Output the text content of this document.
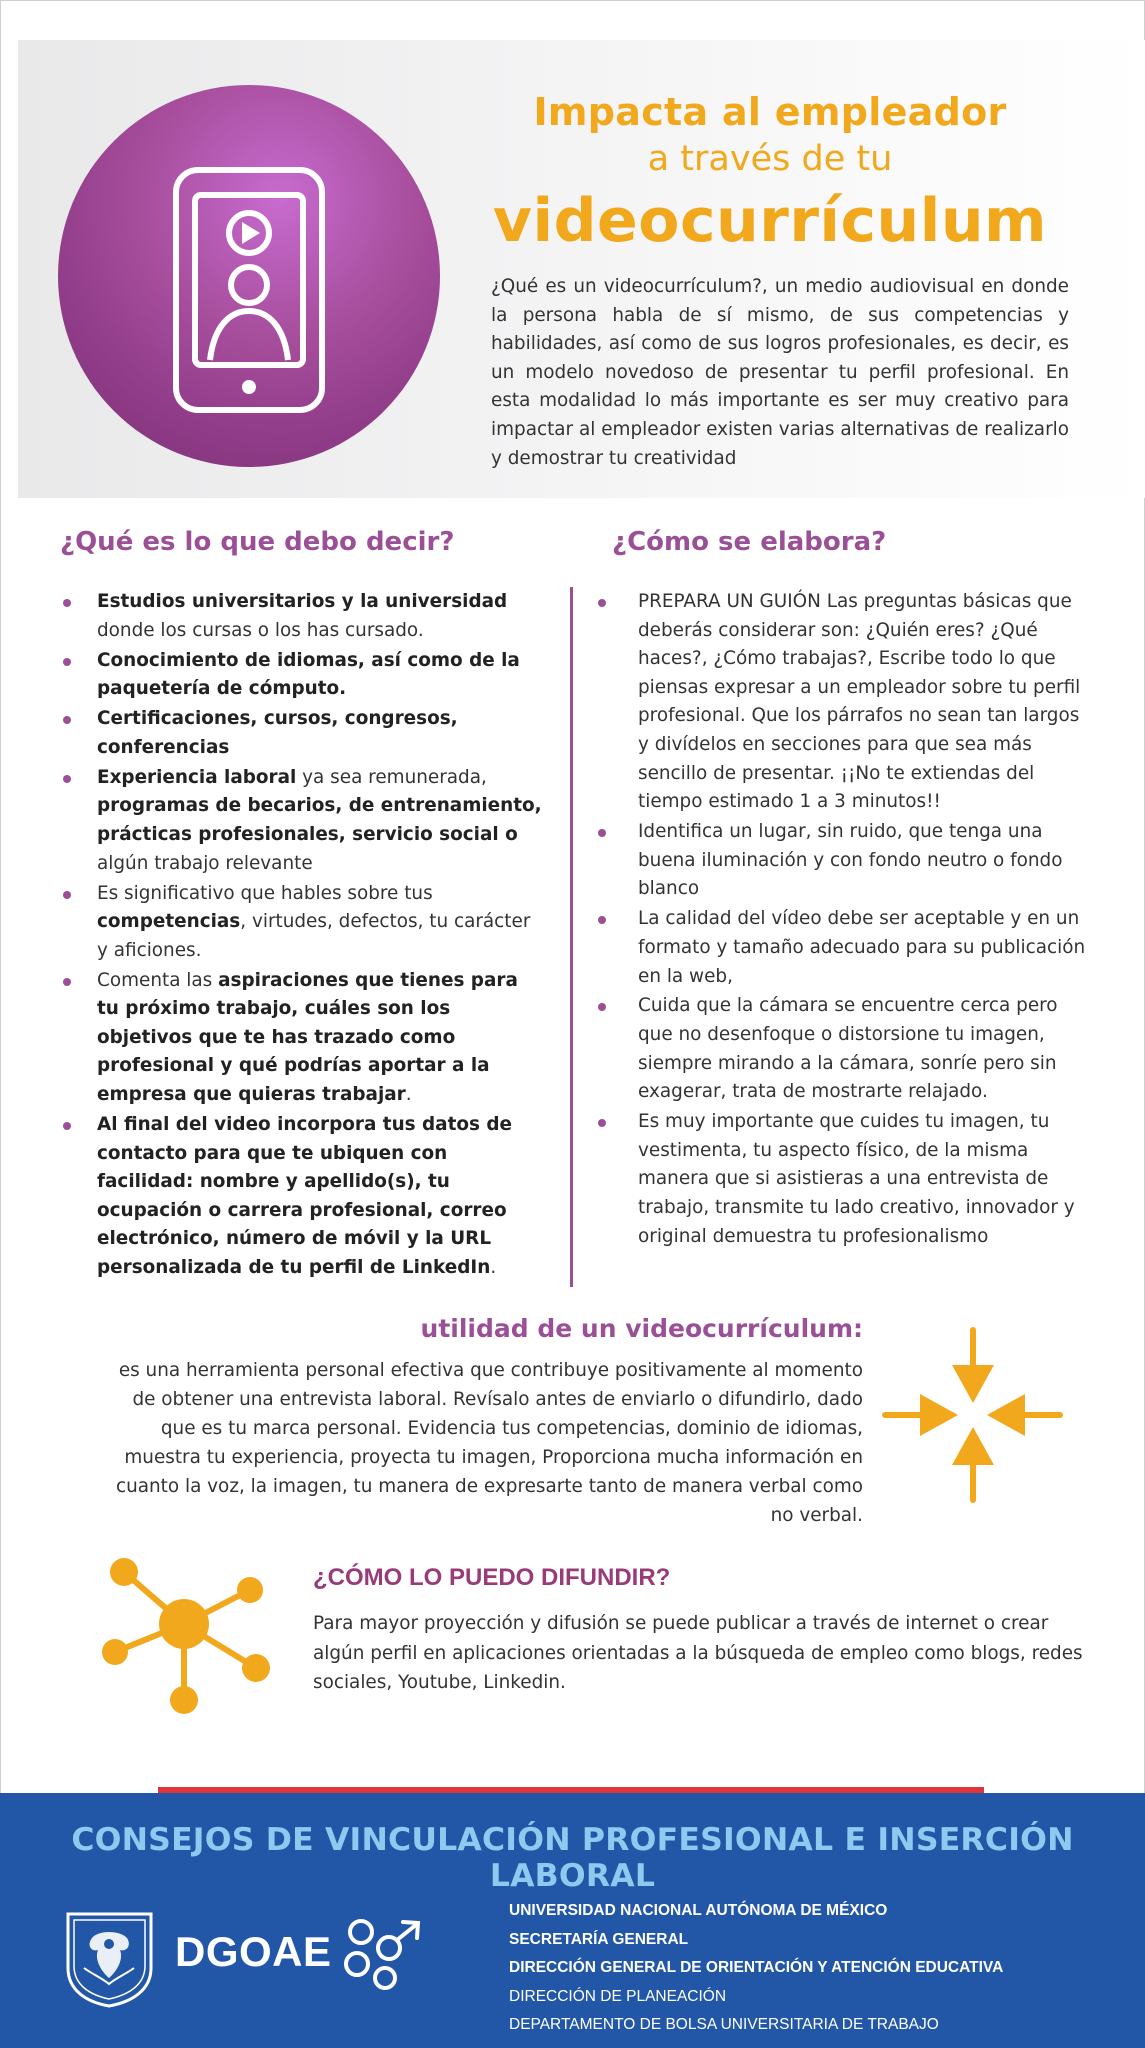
Impacta al empleador
a través de tu
videocurrículum
¿Qué es un videocurrículum?, un medio audiovisual en donde la persona habla de sí mismo, de sus competencias y habilidades, así como de sus logros profesionales, es decir, es un modelo novedoso de presentar tu perfil profesional. En esta modalidad lo más importante es ser muy creativo para impactar al empleador existen varias alternativas de realizarlo y demostrar tu creatividad
¿Qué es lo que debo decir?
Estudios universitarios y la universidad donde los cursas o los has cursado.
Conocimiento de idiomas, así como de la paquetería de cómputo.
Certificaciones, cursos, congresos, conferencias
Experiencia laboral ya sea remunerada, programas de becarios, de entrenamiento, prácticas profesionales, servicio social o algún trabajo relevante
Es significativo que hables sobre tus competencias, virtudes, defectos, tu carácter y aficiones.
Comenta las aspiraciones que tienes para tu próximo trabajo, cuáles son los objetivos que te has trazado como profesional y qué podrías aportar a la empresa que quieras trabajar.
Al final del video incorpora tus datos de contacto para que te ubiquen con facilidad: nombre y apellido(s), tu ocupación o carrera profesional, correo electrónico, número de móvil y la URL personalizada de tu perfil de LinkedIn.
¿Cómo se elabora?
PREPARA UN GUIÓN Las preguntas básicas que deberás considerar son: ¿Quién eres? ¿Qué haces?, ¿Cómo trabajas?, Escribe todo lo que piensas expresar a un empleador sobre tu perfil profesional. Que los párrafos no sean tan largos y divídelos en secciones para que sea más sencillo de presentar. ¡¡No te extiendas del tiempo estimado 1 a 3 minutos!!
Identifica un lugar, sin ruido, que tenga una buena iluminación y con fondo neutro o fondo blanco
La calidad del vídeo debe ser aceptable y en un formato y tamaño adecuado para su publicación en la web,
Cuida que la cámara se encuentre cerca pero que no desenfoque o distorsione tu imagen, siempre mirando a la cámara, sonríe pero sin exagerar, trata de mostrarte relajado.
Es muy importante que cuides tu imagen, tu vestimenta, tu aspecto físico, de la misma manera que si asistieras a una entrevista de trabajo, transmite tu lado creativo, innovador y original demuestra tu profesionalismo
utilidad de un videocurrículum:
es una herramienta personal efectiva que contribuye positivamente al momento de obtener una entrevista laboral. Revísalo antes de enviarlo o difundirlo, dado que es tu marca personal. Evidencia tus competencias, dominio de idiomas, muestra tu experiencia, proyecta tu imagen, Proporciona mucha información en cuanto la voz, la imagen, tu manera de expresarte tanto de manera verbal como no verbal.
¿CÓMO LO PUEDO DIFUNDIR?
Para mayor proyección y difusión se puede publicar a través de internet o crear algún perfil en aplicaciones orientadas a la búsqueda de empleo como blogs, redes sociales, Youtube, Linkedin.
CONSEJOS DE VINCULACIÓN PROFESIONAL E INSERCIÓN LABORAL
DGOAE
UNIVERSIDAD NACIONAL AUTÓNOMA DE MÉXICO
SECRETARÍA GENERAL
DIRECCIÓN GENERAL DE ORIENTACIÓN Y ATENCIÓN EDUCATIVA
DIRECCIÓN DE PLANEACIÓN
DEPARTAMENTO DE BOLSA UNIVERSITARIA DE TRABAJO
